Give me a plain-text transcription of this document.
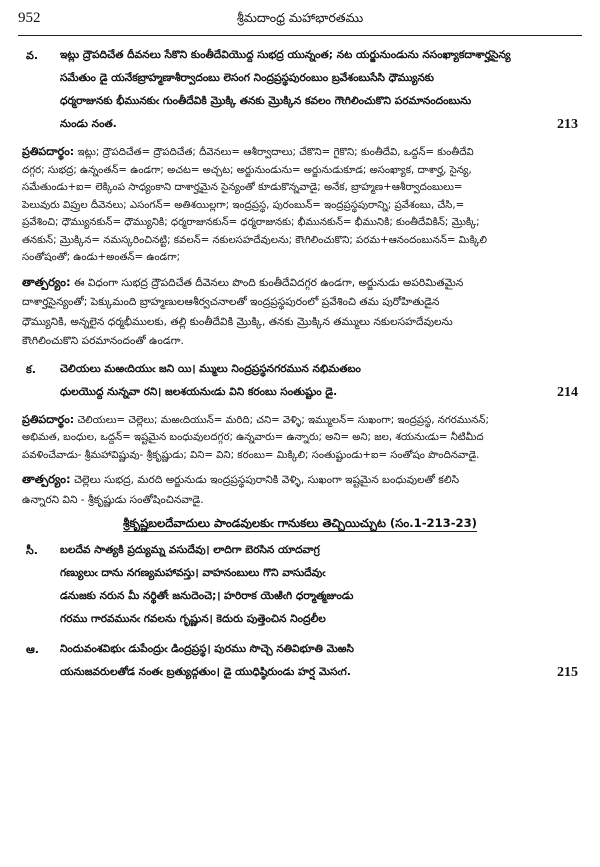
952	శ్రీమదాంధ్ర మహాభారతము
వ. ఇట్లు ద్రౌపదిచేత దీవనలు సేకొని కుంతీదేవియొద్ద సుభద్ర యున్నంత; నట యర్జునుండును నసంఖ్యాకదాశార్హసైన్య
సమేతుం డై యనేకబ్రాహ్మణాశీర్వాదంబు లెసంగ నింద్రప్రస్థపురంబుం బ్రవేశంబుసేసి ధౌమ్యునకు
ధర్మరాజునకు భీమునకుఁ గుంతీదేవికి మ్రొక్కి తనకు మ్రొక్కిన కవలం గౌఁగిలించుకొని పరమానందంబును
నుండు నంత.	213
ప్రతిపదార్థం: ఇట్లు; ద్రౌపదిచేత= ద్రౌపదిచేత; దీవెనలు= ఆశీర్వాదాలు; చేకొని= గైకొని; కుంతీదేవి, ఒద్దన్= కుంతీదేవి
దగ్గర; సుభద్ర; ఉన్నంతన్= ఉండగా; అచట= అచ్చట; అర్జునుండును= అర్జునుడుకూడ; అసంఖ్యాక, దాశార్హ, సైన్య,
సమేతుండు+ఐ= లెక్కింప సాధ్యంకాని దాశార్హమైన సైన్యంతో కూడుకొన్నవాడై; అనేక, బ్రాహ్మణ+ఆశీర్వాదంబులు=
పెలువురు విప్రుల దీవెనలు; ఎసంగన్= అతిశయిల్లగా; ఇంద్రప్రస్థ, పురంబున్= ఇంద్రప్రస్థపురాన్ని; ప్రవేశంబు, చేసి,=
ప్రవేశించి; ధౌమ్యునకున్= ధౌమ్యునికి; ధర్మరాజునకున్= ధర్మరాజునకు; భీమునకున్= భీమునికి; కుంతీదేవికిన్; మ్రొక్కి;
తనకున్; మ్రొక్కిన= నమస్కరించినట్టి; కవలన్= నకులసహదేవులను; కౌఁగిలించుకొని; పరమ+ఆనందంబునన్= మిక్కిలి
సంతోషంతో; ఉండు+అంతన్= ఉండగా;
తాత్పర్యం: ఈ విధంగా సుభద్ర ద్రౌపదిచేత దీవెనలు పొంది కుంతీదేవిదగ్గర ఉండగా, అర్జునుడు అపరిమితమైన
దాశార్హసైన్యంతో; పెక్కుమంది బ్రాహ్మణులఆశీర్వచనాలతో ఇంద్రప్రస్థపురంలో ప్రవేశించి తమ పురోహితుడైన
ధౌమ్యునికి, అన్నలైన ధర్మభీములకు, తల్లి కుంతీదేవికి మ్రొక్కి, తనకు మ్రొక్కిన తమ్ములు నకులసహదేవులను
కౌఁగిలించుకొని పరమానందంతో ఉండగా.
క. చెలియలు మఱఁదియుఁ జని యి। మ్ములు నింద్రప్రస్థనగరమున నభిమతబం
ధులయొద్ద నున్నవా రని। జలశయనుఁడు విని కరంబు సంతుష్టుం డై.	214
ప్రతిపదార్థం: చెలియలు= చెల్లెలు; మఱఁదియున్= మరిది; చని= వెళ్ళి; ఇమ్ములన్= సుఖంగా; ఇంద్రప్రస్థ, నగరమునన్;
అభిమత, బంధుల, ఒద్దన్= ఇష్టమైన బంధువులదగ్గర; ఉన్నవారు= ఉన్నారు; అని= అని; జల, శయనుఁడు= నీటిమీద
పవళించేవాడు- శ్రీమహావిష్ణువు- శ్రీకృష్ణుడు; విని= విని; కరంబు= మిక్కిలి; సంతుష్టుండు+ఐ= సంతోషం పొందినవాడై.
తాత్పర్యం: చెల్లెలు సుభద్ర, మరది అర్జునుడు ఇంద్రప్రస్థపురానికి వెళ్ళి, సుఖంగా ఇష్టమైన బంధువులతో కలిసి
ఉన్నారని విని - శ్రీకృష్ణుడు సంతోషించినవాడై.
శ్రీకృష్ణబలదేవాదులు పాండవులకుఁ గానుకలు తెచ్చియిచ్చుట (సం.1-213-23)
సీ. బలదేవ సాత్యకి ప్రద్యుమ్న వసుదేవు। లాదిగా బెరసిన యాదవాగ్ర
గణ్యులుఁ దాను నగణ్యమహావస్తు। వాహనంబులు గొని వాసుదేవుఁ
డనుజకు నరున మీ నర్థితోఁ జనుదెంచె;। హరిరాక యెఱిఁగి ధర్మాత్మజుండు
గరము గారవమునఁ గవలను గృష్ణున। కెదురు పుత్తెంచిన నింద్రలీల
ఆ. నిందువంశవిభుఁ డుపేంద్రుఁ డింద్రప్రస్థ। పురము సొచ్చె నతివిభూతి మెఱసి
యనుజవరులతోడ నంతఁ బ్రత్యుద్గతుం। డై యుధిష్ఠిరుండు హర్ష మెసఁగ.	215
